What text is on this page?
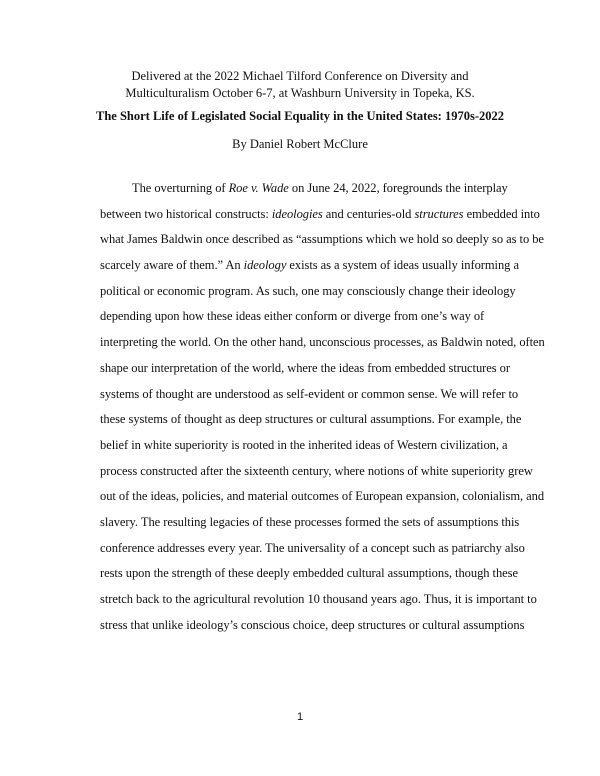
Delivered at the 2022 Michael Tilford Conference on Diversity and
Multiculturalism October 6-7, at Washburn University in Topeka, KS.
The Short Life of Legislated Social Equality in the United States: 1970s-2022
By Daniel Robert McClure
The overturning of Roe v. Wade on June 24, 2022, foregrounds the interplay
between two historical constructs: ideologies and centuries-old structures embedded into
what James Baldwin once described as “assumptions which we hold so deeply so as to be
scarcely aware of them.” An ideology exists as a system of ideas usually informing a
political or economic program. As such, one may consciously change their ideology
depending upon how these ideas either conform or diverge from one’s way of
interpreting the world. On the other hand, unconscious processes, as Baldwin noted, often
shape our interpretation of the world, where the ideas from embedded structures or
systems of thought are understood as self-evident or common sense. We will refer to
these systems of thought as deep structures or cultural assumptions. For example, the
belief in white superiority is rooted in the inherited ideas of Western civilization, a
process constructed after the sixteenth century, where notions of white superiority grew
out of the ideas, policies, and material outcomes of European expansion, colonialism, and
slavery. The resulting legacies of these processes formed the sets of assumptions this
conference addresses every year. The universality of a concept such as patriarchy also
rests upon the strength of these deeply embedded cultural assumptions, though these
stretch back to the agricultural revolution 10 thousand years ago. Thus, it is important to
stress that unlike ideology’s conscious choice, deep structures or cultural assumptions
1
